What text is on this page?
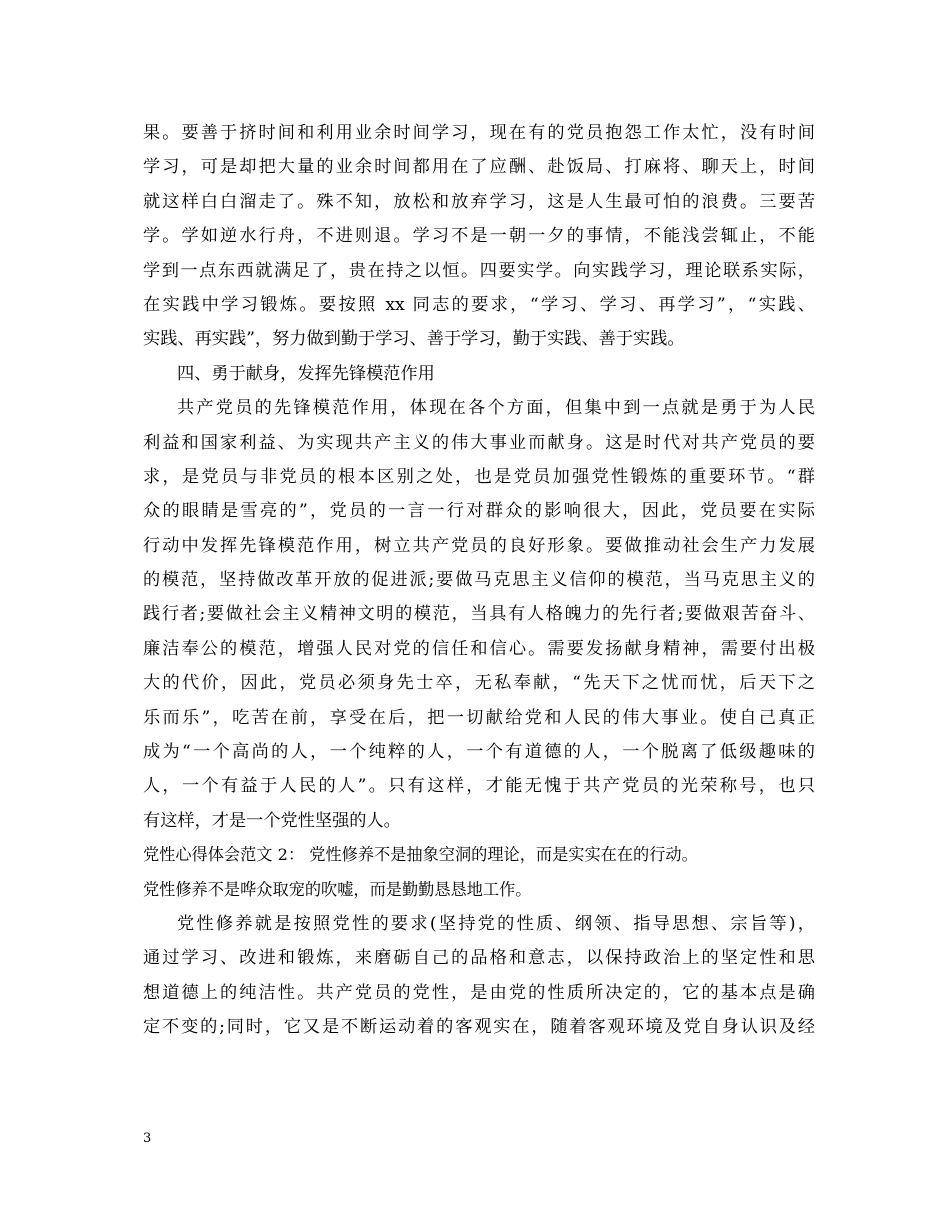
果。要善于挤时间和利用业余时间学习，现在有的党员抱怨工作太忙，没有时间
学习，可是却把大量的业余时间都用在了应酬、赴饭局、打麻将、聊天上，时间
就这样白白溜走了。殊不知，放松和放弃学习，这是人生最可怕的浪费。三要苦
学。学如逆水行舟，不进则退。学习不是一朝一夕的事情，不能浅尝辄止，不能
学到一点东西就满足了，贵在持之以恒。四要实学。向实践学习，理论联系实际，
在实践中学习锻炼。要按照 xx 同志的要求，“学习、学习、再学习”，“实践、
实践、再实践”，努力做到勤于学习、善于学习，勤于实践、善于实践。
四、勇于献身，发挥先锋模范作用
共产党员的先锋模范作用，体现在各个方面，但集中到一点就是勇于为人民
利益和国家利益、为实现共产主义的伟大事业而献身。这是时代对共产党员的要
求，是党员与非党员的根本区别之处，也是党员加强党性锻炼的重要环节。“群
众的眼睛是雪亮的”，党员的一言一行对群众的影响很大，因此，党员要在实际
行动中发挥先锋模范作用，树立共产党员的良好形象。要做推动社会生产力发展
的模范，坚持做改革开放的促进派;要做马克思主义信仰的模范，当马克思主义的
践行者;要做社会主义精神文明的模范，当具有人格魄力的先行者;要做艰苦奋斗、
廉洁奉公的模范，增强人民对党的信任和信心。需要发扬献身精神，需要付出极
大的代价，因此，党员必须身先士卒，无私奉献，“先天下之忧而忧，后天下之
乐而乐”，吃苦在前，享受在后，把一切献给党和人民的伟大事业。使自己真正
成为“一个高尚的人，一个纯粹的人，一个有道德的人，一个脱离了低级趣味的
人，一个有益于人民的人”。只有这样，才能无愧于共产党员的光荣称号，也只
有这样，才是一个党性坚强的人。
党性心得体会范文 2： 党性修养不是抽象空洞的理论，而是实实在在的行动。
党性修养不是哗众取宠的吹嘘，而是勤勤恳恳地工作。
党性修养就是按照党性的要求(坚持党的性质、纲领、指导思想、宗旨等)，
通过学习、改进和锻炼，来磨砺自己的品格和意志，以保持政治上的坚定性和思
想道德上的纯洁性。共产党员的党性，是由党的性质所决定的，它的基本点是确
定不变的;同时，它又是不断运动着的客观实在，随着客观环境及党自身认识及经
3
